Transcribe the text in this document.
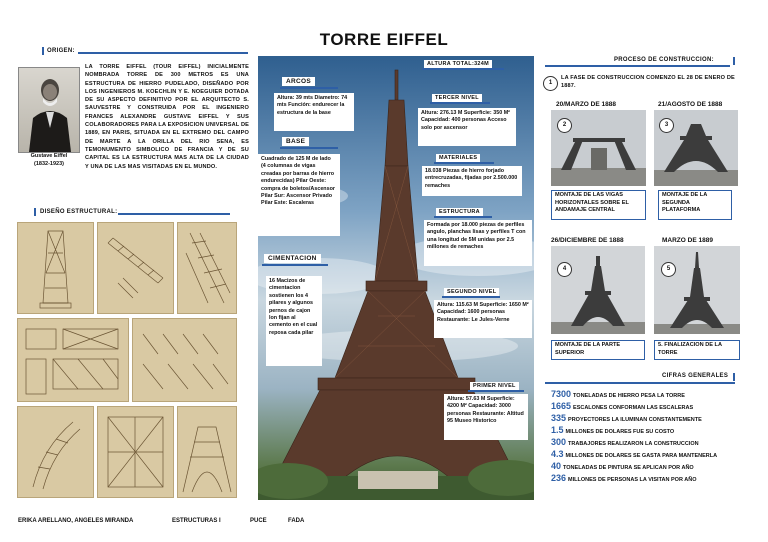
TORRE EIFFEL
ORIGEN:
Gustave Eiffel
(1832-1923)
LA TORRE EIFFEL (TOUR EIFFEL) INICIALMENTE NOMBRADA TORRE DE 300 METROS ES UNA ESTRUCTURA DE HIERRO PUDELADO, DISEÑADO POR LOS INGENIEROS M. KOECHLIN Y E. NOEGUIER DOTADA DE SU ASPECTO DEFINITIVO POR EL ARQUITECTO S. SAUVESTRE Y CONSTRUIDA POR EL INGENIERO FRANCES ALEXANDRE GUSTAVE EIFFEL Y SUS COLABORADORES PARA LA EXPOSICION UNIVERSAL DE 1889, EN PARIS, SITUADA EN EL EXTREMO DEL CAMPO DE MARTE A LA ORILLA DEL RIO SENA, ES TEMONUMENTO SIMBOLICO DE FRANCIA Y DE SU CAPITAL ES LA ESTRUCTURA MAS ALTA DE LA CIUDAD Y UNA DE LAS MAS VISITADAS EN EL MUNDO.
DISEÑO ESTRUCTURAL:
ALTURA TOTAL:324M
ARCOS
Altura: 39 mts Diametro: 74 mts Función: endurecer la estructura de la base
BASE
Cuadrado de 125 M de lado (4 columnas de vigas creadas por barras de hierro endurecidas) Pilar Oeste: compra de boletos/Ascensor Pilar Sur: Ascensor Privado Pilar Este: Escaleras
CIMENTACION
16 Macizos de cimentacion sostienen los 4 pilares y algunos pernos de cajon lon fijan al cemento en el cual reposa cada pilar
TERCER NIVEL
Altura: 276.13 M Superficie: 350 M² Capacidad: 400 personas Acceso solo por ascensor
MATERIALES
18.038 Piezas de hierro forjado entrecruzadas, fijadas por 2.500.000 remaches
ESTRUCTURA
Formada por 18.000 piezas de perfiles angulo, planchas lisas y perfiles T con una longitud de 5M unidas por 2.5 millones de remaches
SEGUNDO NIVEL
Altura: 115.63 M Superficie: 1650 M² Capacidad: 1600 personas Restaurante: Le Jules-Verne
PRIMER NIVEL
Altura: 57.63 M Superficie: 4200 M² Capacidad: 3000 personas Restaurante: Altitud 95 Museo Historico
PROCESO DE CONSTRUCCION:
1
LA FASE DE CONSTRUCCION COMENZO EL 28 DE ENERO DE 1887.
20/MARZO DE 1888
2
MONTAJE DE LAS VIGAS HORIZONTALES SOBRE EL ANDAMAJE CENTRAL
21/AGOSTO DE 1888
3
MONTAJE DE LA SEGUNDA PLATAFORMA
26/DICIEMBRE DE 1888
4
MONTAJE DE LA PARTE SUPERIOR
MARZO DE 1889
5
5. FINALIZACION DE LA TORRE
CIFRAS GENERALES
7300 TONELADAS DE HIERRO PESA LA TORRE
1665 ESCALONES CONFORMAN LAS ESCALERAS
335 PROYECTORES LA ILUMINAN CONSTANTEMENTE
1.5 MILLONES DE DOLARES FUE SU COSTO
300 TRABAJORES REALIZARON LA CONSTRUCCION
4.3 MILLONES DE DOLARES SE GASTA PARA MANTENERLA
40 TONELADAS DE PINTURA SE APLICAN POR AÑO
236 MILLONES DE PERSONAS LA VISITAN POR AÑO
ERIKA ARELLANO, ANGELES MIRANDA	ESTRUCTURAS I	PUCE	FADA
